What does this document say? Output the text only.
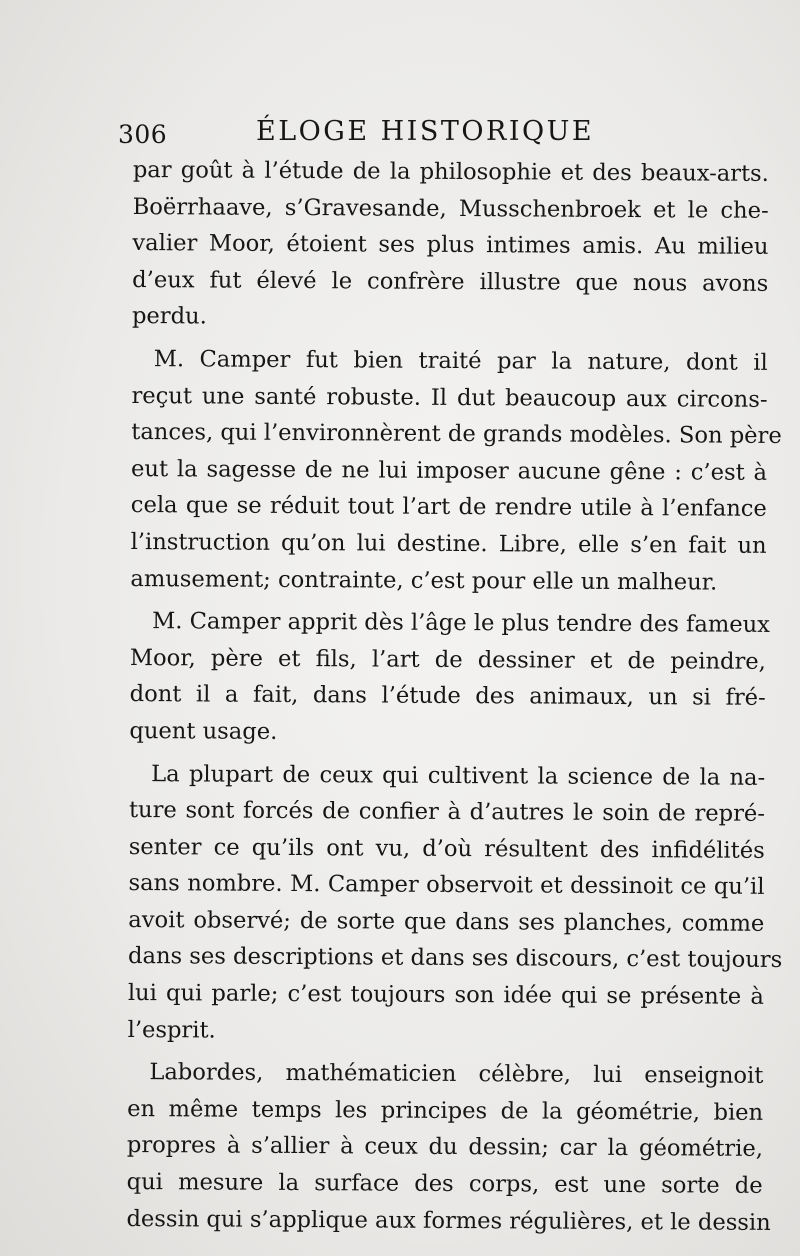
306	ÉLOGE HISTORIQUE
par goût à l’étude de la philosophie et des beaux-arts.
Boërrhaave, s’Gravesande, Musschenbroek et le che-
valier Moor, étoient ses plus intimes amis. Au milieu
d’eux fut élevé le confrère illustre que nous avons
perdu.
M. Camper fut bien traité par la nature, dont il
reçut une santé robuste. Il dut beaucoup aux circons-
tances, qui l’environnèrent de grands modèles. Son père
eut la sagesse de ne lui imposer aucune gêne : c’est à
cela que se réduit tout l’art de rendre utile à l’enfance
l’instruction qu’on lui destine. Libre, elle s’en fait un
amusement; contrainte, c’est pour elle un malheur.
M. Camper apprit dès l’âge le plus tendre des fameux
Moor, père et fils, l’art de dessiner et de peindre,
dont il a fait, dans l’étude des animaux, un si fré-
quent usage.
La plupart de ceux qui cultivent la science de la na-
ture sont forcés de confier à d’autres le soin de repré-
senter ce qu’ils ont vu, d’où résultent des infidélités
sans nombre. M. Camper observoit et dessinoit ce qu’il
avoit observé; de sorte que dans ses planches, comme
dans ses descriptions et dans ses discours, c’est toujours
lui qui parle; c’est toujours son idée qui se présente à
l’esprit.
Labordes, mathématicien célèbre, lui enseignoit
en même temps les principes de la géométrie, bien
propres à s’allier à ceux du dessin; car la géométrie,
qui mesure la surface des corps, est une sorte de
dessin qui s’applique aux formes régulières, et le dessin
